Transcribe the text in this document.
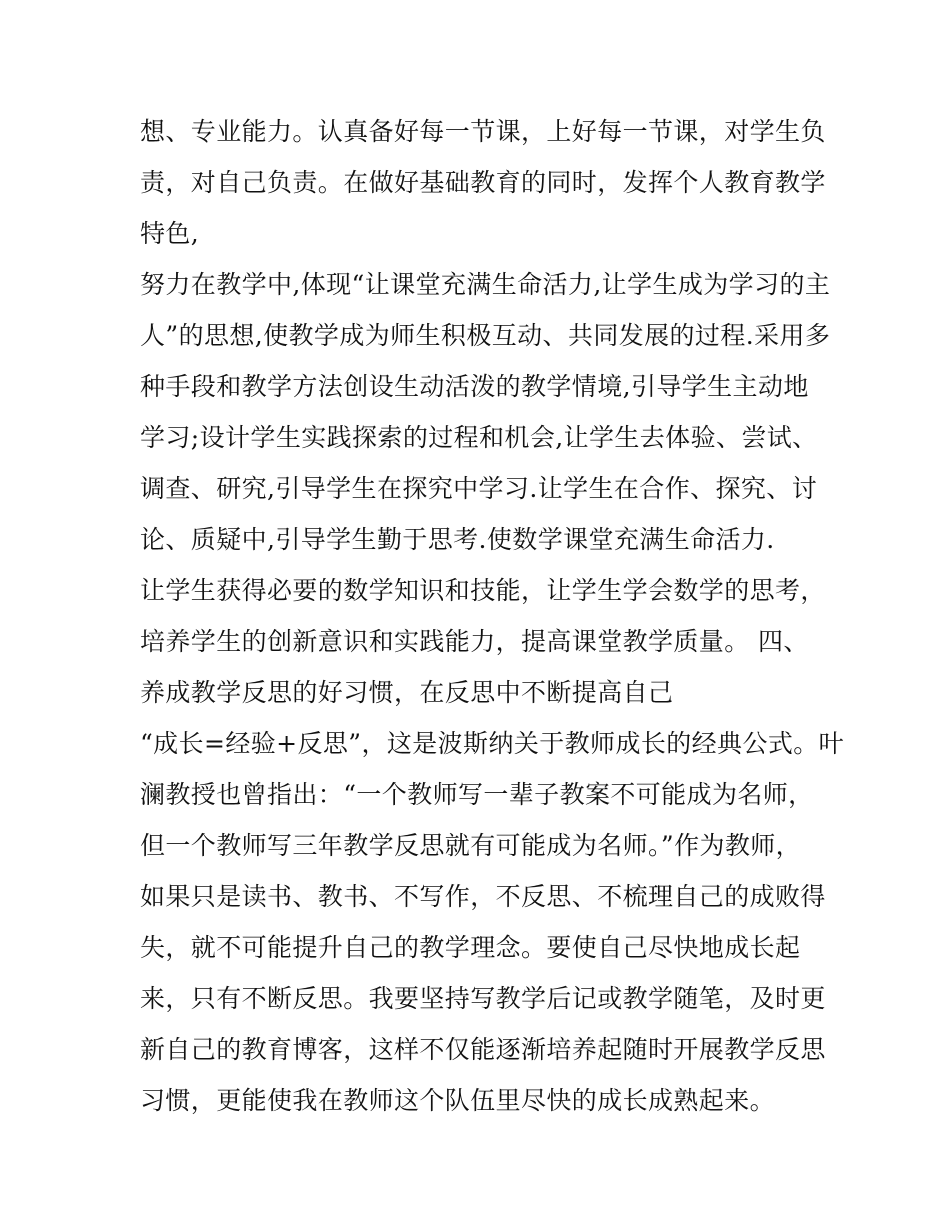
想、专业能力。认真备好每一节课，上好每一节课，对学生负
责，对自己负责。在做好基础教育的同时，发挥个人教育教学
特色,
努力在教学中,体现“让课堂充满生命活力,让学生成为学习的主
人”的思想,使教学成为师生积极互动、共同发展的过程.采用多
种手段和教学方法创设生动活泼的教学情境,引导学生主动地
学习;设计学生实践探索的过程和机会,让学生去体验、尝试、
调查、研究,引导学生在探究中学习.让学生在合作、探究、讨
论、质疑中,引导学生勤于思考.使数学课堂充满生命活力.
让学生获得必要的数学知识和技能，让学生学会数学的思考，
培养学生的创新意识和实践能力，提高课堂教学质量。 四、
养成教学反思的好习惯，在反思中不断提高自己
“成长=经验+反思”，这是波斯纳关于教师成长的经典公式。叶
澜教授也曾指出：“一个教师写一辈子教案不可能成为名师，
但一个教师写三年教学反思就有可能成为名师。”作为教师，
如果只是读书、教书、不写作，不反思、不梳理自己的成败得
失，就不可能提升自己的教学理念。要使自己尽快地成长起
来，只有不断反思。我要坚持写教学后记或教学随笔，及时更
新自己的教育博客，这样不仅能逐渐培养起随时开展教学反思
习惯，更能使我在教师这个队伍里尽快的成长成熟起来。
